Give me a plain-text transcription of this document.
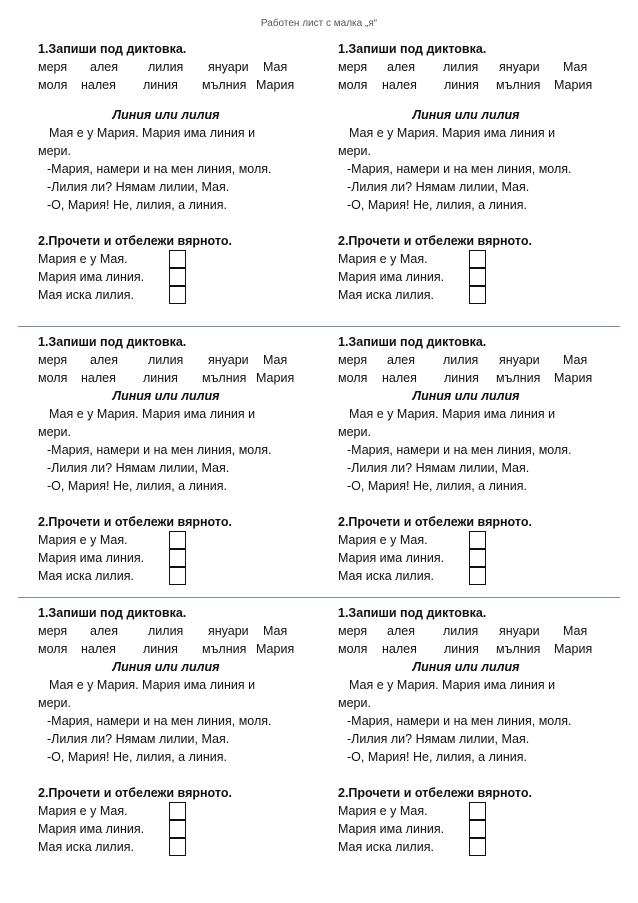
Работен лист с малка „я“
1.Запиши под диктовка.
меря алея лилия януари Мая
моля налея линия мълния Мария
Линия или лилия
Мая е у Мария. Мария има линия и
мери.
-Мария, намери и на мен линия, моля.
-Лилия ли? Нямам лилии, Мая.
-О, Мария! Не, лилия, а линия.
2.Прочети и отбележи вярното.
Мария е у Мая.
Мария има линия.
Мая иска лилия.
1.Запиши под диктовка.
меря алея лилия януари Мая
моля налея линия мълния Мария
Линия или лилия
Мая е у Мария. Мария има линия и
мери.
-Мария, намери и на мен линия, моля.
-Лилия ли? Нямам лилии, Мая.
-О, Мария! Не, лилия, а линия.
2.Прочети и отбележи вярното.
Мария е у Мая.
Мария има линия.
Мая иска лилия.
1.Запиши под диктовка.
меря алея лилия януари Мая
моля налея линия мълния Мария
Линия или лилия
Мая е у Мария. Мария има линия и
мери.
-Мария, намери и на мен линия, моля.
-Лилия ли? Нямам лилии, Мая.
-О, Мария! Не, лилия, а линия.
2.Прочети и отбележи вярното.
Мария е у Мая.
Мария има линия.
Мая иска лилия.
1.Запиши под диктовка.
меря алея лилия януари Мая
моля налея линия мълния Мария
Линия или лилия
Мая е у Мария. Мария има линия и
мери.
-Мария, намери и на мен линия, моля.
-Лилия ли? Нямам лилии, Мая.
-О, Мария! Не, лилия, а линия.
2.Прочети и отбележи вярното.
Мария е у Мая.
Мария има линия.
Мая иска лилия.
1.Запиши под диктовка.
меря алея лилия януари Мая
моля налея линия мълния Мария
Линия или лилия
Мая е у Мария. Мария има линия и
мери.
-Мария, намери и на мен линия, моля.
-Лилия ли? Нямам лилии, Мая.
-О, Мария! Не, лилия, а линия.
2.Прочети и отбележи вярното.
Мария е у Мая.
Мария има линия.
Мая иска лилия.
1.Запиши под диктовка.
меря алея лилия януари Мая
моля налея линия мълния Мария
Линия или лилия
Мая е у Мария. Мария има линия и
мери.
-Мария, намери и на мен линия, моля.
-Лилия ли? Нямам лилии, Мая.
-О, Мария! Не, лилия, а линия.
2.Прочети и отбележи вярното.
Мария е у Мая.
Мария има линия.
Мая иска лилия.
